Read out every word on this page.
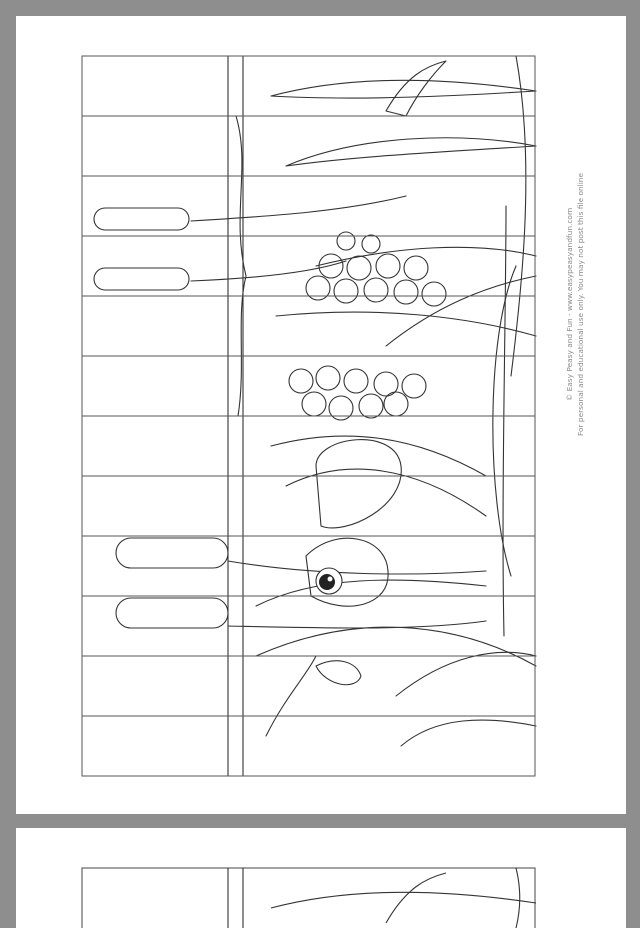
© Easy Peasy and Fun - www.easypeasyandfun.com For personal and educational use only. You may not post this file online
